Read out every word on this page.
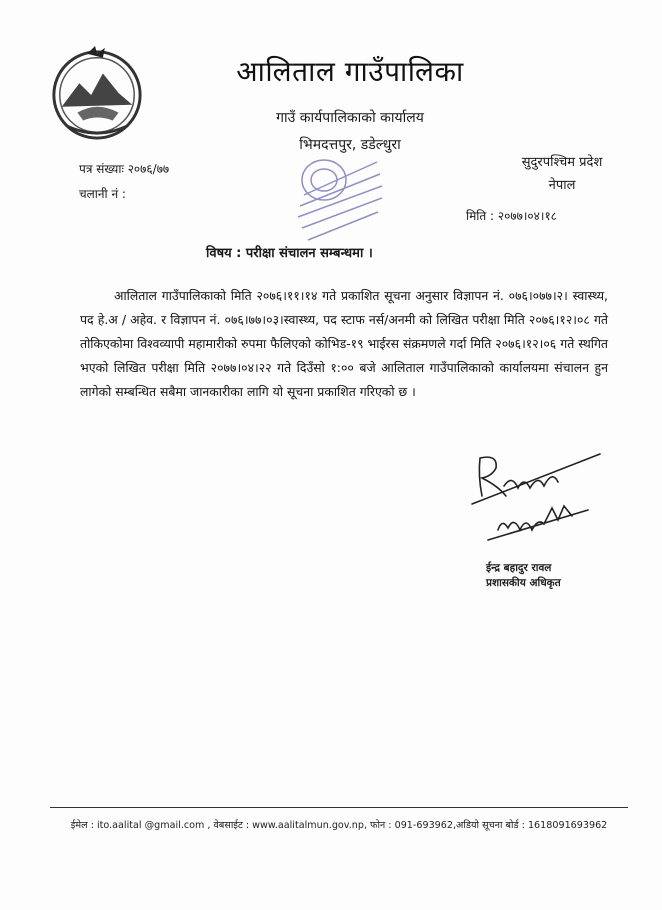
आलिताल गाउँपालिका
गाउँ कार्यपालिकाको कार्यालय
भिमदत्तपुर, डडेल्धुरा
पत्र संख्याः २०७६/७७
चलानी नं :
सुदुरपश्चिम प्रदेश
नेपाल
मिति : २०७७।०४।१८
विषय : परीक्षा संचालन सम्बन्धमा ।
आलिताल गाउँपालिकाको मिति २०७६।११।१४ गते प्रकाशित सूचना अनुसार विज्ञापन नं. ०७६।०७७।२। स्वास्थ्य, पद हे.अ / अहेव. र विज्ञापन नं. ०७६।७७।०३।स्वास्थ्य, पद स्टाफ नर्स/अनमी को लिखित परीक्षा मिति २०७६।१२।०८ गते तोकिएकोमा विश्वव्यापी महामारीको रुपमा फैलिएको कोभिड-१९ भाईरस संक्रमणले गर्दा मिति २०७६।१२।०६ गते स्थगित भएको लिखित परीक्षा मिति २०७७।०४।२२ गते दिउँसो १:०० बजे आलिताल गाउँपालिकाको कार्यालयमा संचालन हुन लागेको सम्बन्धित सबैमा जानकारीका लागि यो सूचना प्रकाशित गरिएको छ ।
ईन्द्र बहादुर रावल
प्रशासकीय अधिकृत
ईमेल : ito.aalital @gmail.com , वेबसाईट : www.aalitalmun.gov.np, फोन : 091-693962,अडियो सूचना बोर्ड : 1618091693962
